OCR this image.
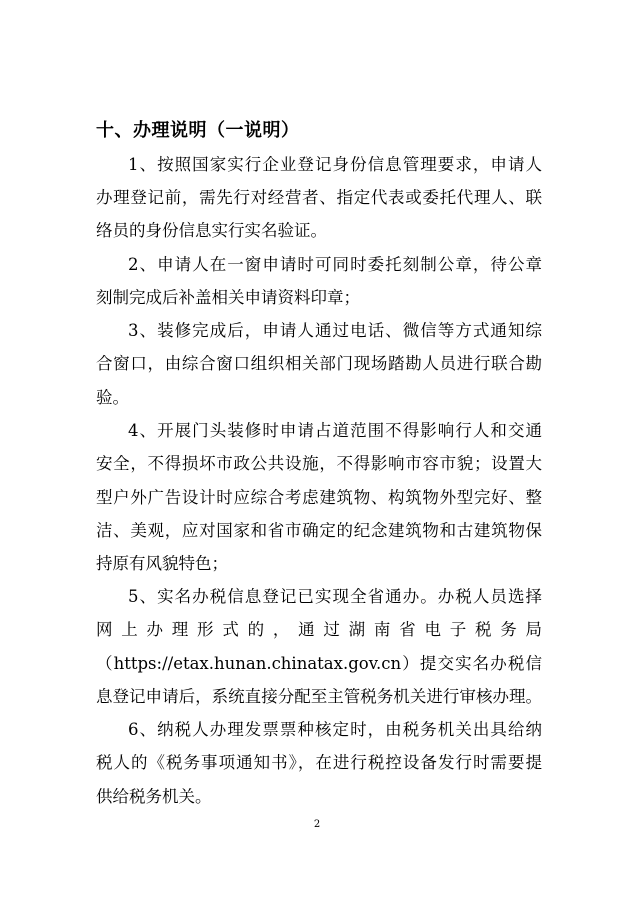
十、办理说明（一说明）
1、按照国家实行企业登记身份信息管理要求，申请人
办理登记前，需先行对经营者、指定代表或委托代理人、联
络员的身份信息实行实名验证。
2、申请人在一窗申请时可同时委托刻制公章，待公章
刻制完成后补盖相关申请资料印章；
3、装修完成后，申请人通过电话、微信等方式通知综
合窗口，由综合窗口组织相关部门现场踏勘人员进行联合勘
验。
4、开展门头装修时申请占道范围不得影响行人和交通
安全，不得损坏市政公共设施，不得影响市容市貌；设置大
型户外广告设计时应综合考虑建筑物、构筑物外型完好、整
洁、美观，应对国家和省市确定的纪念建筑物和古建筑物保
持原有风貌特色；
5、实名办税信息登记已实现全省通办。办税人员选择
网上办理形式的，通过湖南省电子税务局
（https://etax.hunan.chinatax.gov.cn）提交实名办税信
息登记申请后，系统直接分配至主管税务机关进行审核办理。
6、纳税人办理发票票种核定时，由税务机关出具给纳
税人的《税务事项通知书》，在进行税控设备发行时需要提
供给税务机关。
2
